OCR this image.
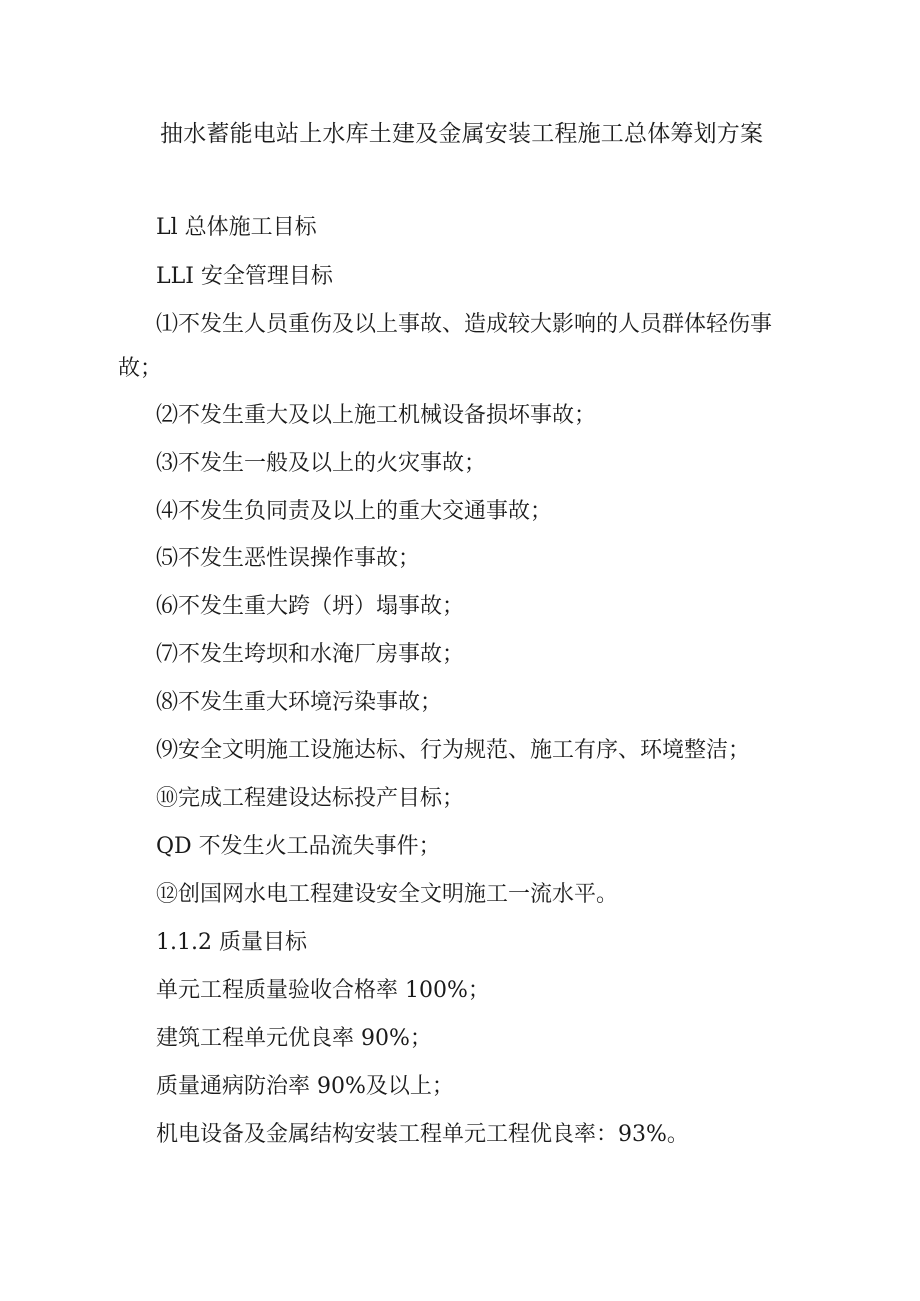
抽水蓄能电站上水库土建及金属安装工程施工总体筹划方案
Ll 总体施工目标
LLI 安全管理目标
⑴不发生人员重伤及以上事故、造成较大影响的人员群体轻伤事
故；
⑵不发生重大及以上施工机械设备损坏事故；
⑶不发生一般及以上的火灾事故；
⑷不发生负同责及以上的重大交通事故；
⑸不发生恶性误操作事故；
⑹不发生重大跨（坍）塌事故；
⑺不发生垮坝和水淹厂房事故；
⑻不发生重大环境污染事故；
⑼安全文明施工设施达标、行为规范、施工有序、环境整洁；
⑩完成工程建设达标投产目标；
QD 不发生火工品流失事件；
⑫创国网水电工程建设安全文明施工一流水平。
1.1.2 质量目标
单元工程质量验收合格率 100%；
建筑工程单元优良率 90%；
质量通病防治率 90%及以上；
机电设备及金属结构安装工程单元工程优良率：93%。
